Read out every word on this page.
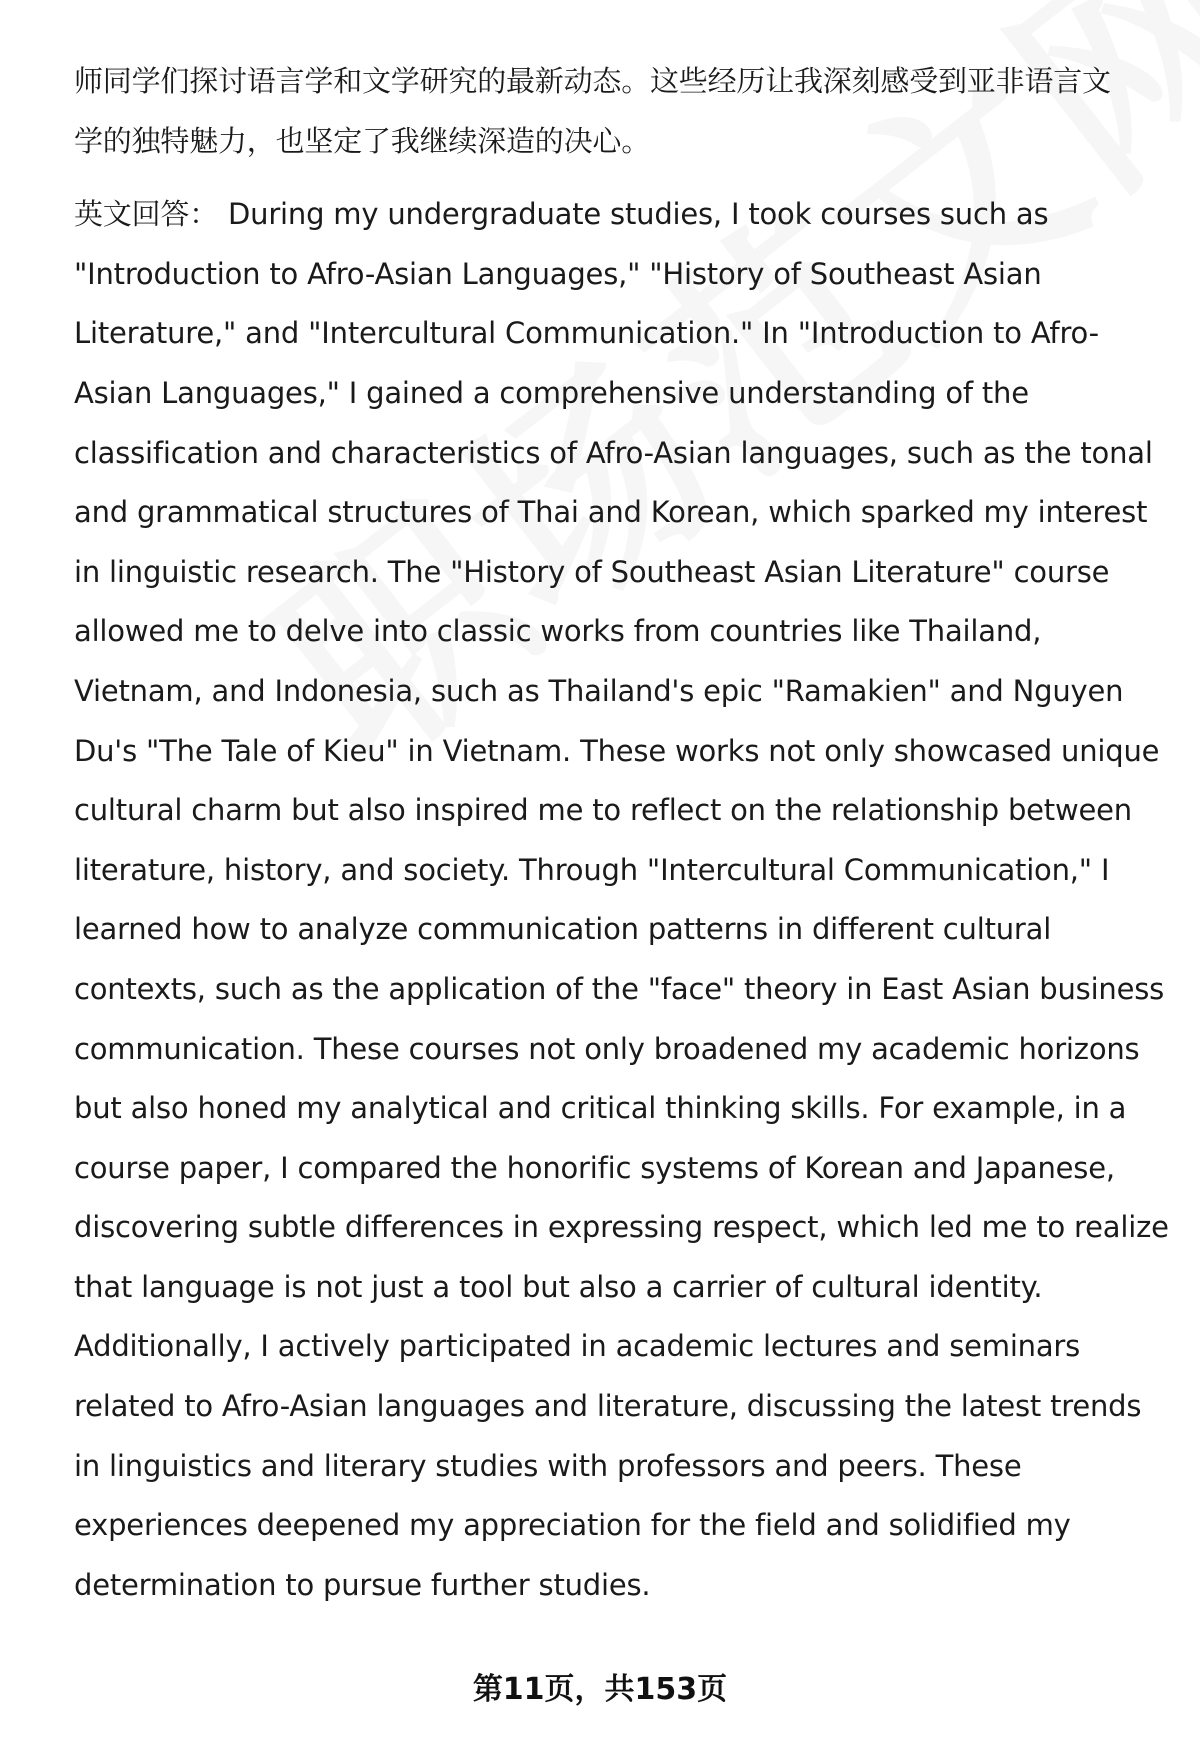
师同学们探讨语言学和文学研究的最新动态。这些经历让我深刻感受到亚非语言文
学的独特魅力，也坚定了我继续深造的决心。
英文回答： During my undergraduate studies, I took courses such as
"Introduction to Afro-Asian Languages," "History of Southeast Asian
Literature," and "Intercultural Communication." In "Introduction to Afro-
Asian Languages," I gained a comprehensive understanding of the
classification and characteristics of Afro-Asian languages, such as the tonal
and grammatical structures of Thai and Korean, which sparked my interest
in linguistic research. The "History of Southeast Asian Literature" course
allowed me to delve into classic works from countries like Thailand,
Vietnam, and Indonesia, such as Thailand's epic "Ramakien" and Nguyen
Du's "The Tale of Kieu" in Vietnam. These works not only showcased unique
cultural charm but also inspired me to reflect on the relationship between
literature, history, and society. Through "Intercultural Communication," I
learned how to analyze communication patterns in different cultural
contexts, such as the application of the "face" theory in East Asian business
communication. These courses not only broadened my academic horizons
but also honed my analytical and critical thinking skills. For example, in a
course paper, I compared the honorific systems of Korean and Japanese,
discovering subtle differences in expressing respect, which led me to realize
that language is not just a tool but also a carrier of cultural identity.
Additionally, I actively participated in academic lectures and seminars
related to Afro-Asian languages and literature, discussing the latest trends
in linguistics and literary studies with professors and peers. These
experiences deepened my appreciation for the field and solidified my
determination to pursue further studies.
第11页，共153页
